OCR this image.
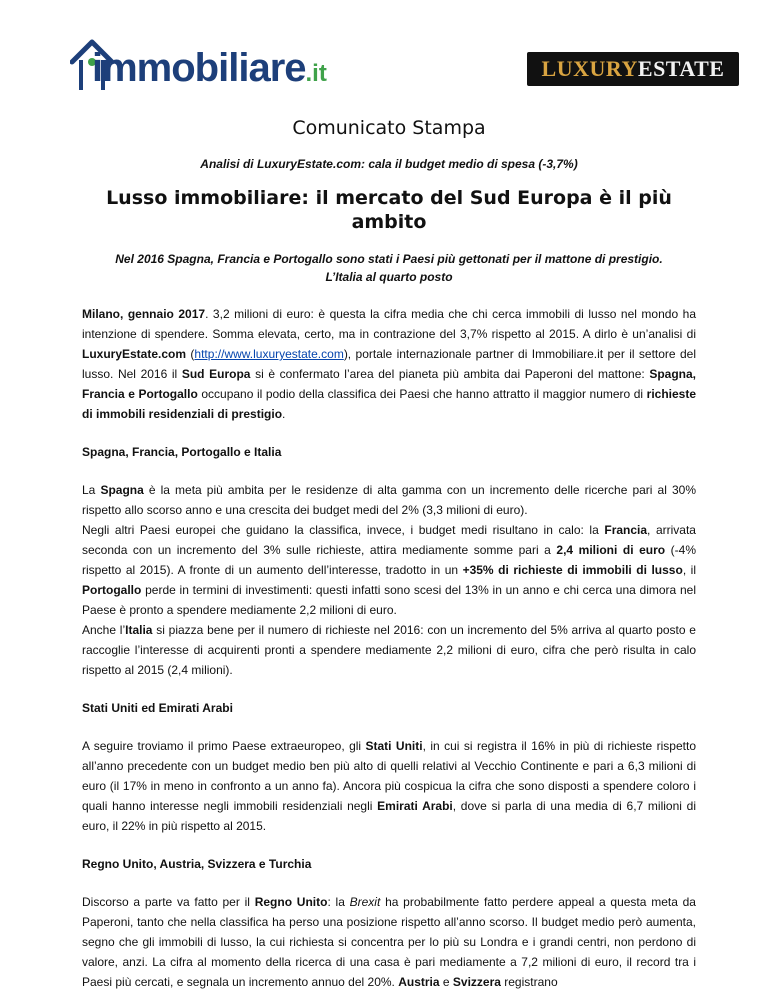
immobiliare.it	LUXURY ESTATE
Comunicato Stampa
Analisi di LuxuryEstate.com: cala il budget medio di spesa (-3,7%)
Lusso immobiliare: il mercato del Sud Europa è il più ambito
Nel 2016 Spagna, Francia e Portogallo sono stati i Paesi più gettonati per il mattone di prestigio.
L’Italia al quarto posto

Milano, gennaio 2017. 3,2 milioni di euro: è questa la cifra media che chi cerca immobili di lusso nel mondo ha intenzione di spendere. Somma elevata, certo, ma in contrazione del 3,7% rispetto al 2015. A dirlo è un’analisi di LuxuryEstate.com (http://www.luxuryestate.com), portale internazionale partner di Immobiliare.it per il settore del lusso. Nel 2016 il Sud Europa si è confermato l’area del pianeta più ambita dai Paperoni del mattone: Spagna, Francia e Portogallo occupano il podio della classifica dei Paesi che hanno attratto il maggior numero di richieste di immobili residenziali di prestigio.

Spagna, Francia, Portogallo e Italia

La Spagna è la meta più ambita per le residenze di alta gamma con un incremento delle ricerche pari al 30% rispetto allo scorso anno e una crescita dei budget medi del 2% (3,3 milioni di euro).

Negli altri Paesi europei che guidano la classifica, invece, i budget medi risultano in calo: la Francia, arrivata seconda con un incremento del 3% sulle richieste, attira mediamente somme pari a 2,4 milioni di euro (-4% rispetto al 2015). A fronte di un aumento dell’interesse, tradotto in un +35% di richieste di immobili di lusso, il Portogallo perde in termini di investimenti: questi infatti sono scesi del 13% in un anno e chi cerca una dimora nel Paese è pronto a spendere mediamente 2,2 milioni di euro.

Anche l’Italia si piazza bene per il numero di richieste nel 2016: con un incremento del 5% arriva al quarto posto e raccoglie l’interesse di acquirenti pronti a spendere mediamente 2,2 milioni di euro, cifra che però risulta in calo rispetto al 2015 (2,4 milioni).

Stati Uniti ed Emirati Arabi

A seguire troviamo il primo Paese extraeuropeo, gli Stati Uniti, in cui si registra il 16% in più di richieste rispetto all’anno precedente con un budget medio ben più alto di quelli relativi al Vecchio Continente e pari a 6,3 milioni di euro (il 17% in meno in confronto a un anno fa). Ancora più cospicua la cifra che sono disposti a spendere coloro i quali hanno interesse negli immobili residenziali negli Emirati Arabi, dove si parla di una media di 6,7 milioni di euro, il 22% in più rispetto al 2015.

Regno Unito, Austria, Svizzera e Turchia

Discorso a parte va fatto per il Regno Unito: la Brexit ha probabilmente fatto perdere appeal a questa meta da Paperoni, tanto che nella classifica ha perso una posizione rispetto all’anno scorso. Il budget medio però aumenta, segno che gli immobili di lusso, la cui richiesta si concentra per lo più su Londra e i grandi centri, non perdono di valore, anzi. La cifra al momento della ricerca di una casa è pari mediamente a 7,2 milioni di euro, il record tra i Paesi più cercati, e segnala un incremento annuo del 20%. Austria e Svizzera registrano
